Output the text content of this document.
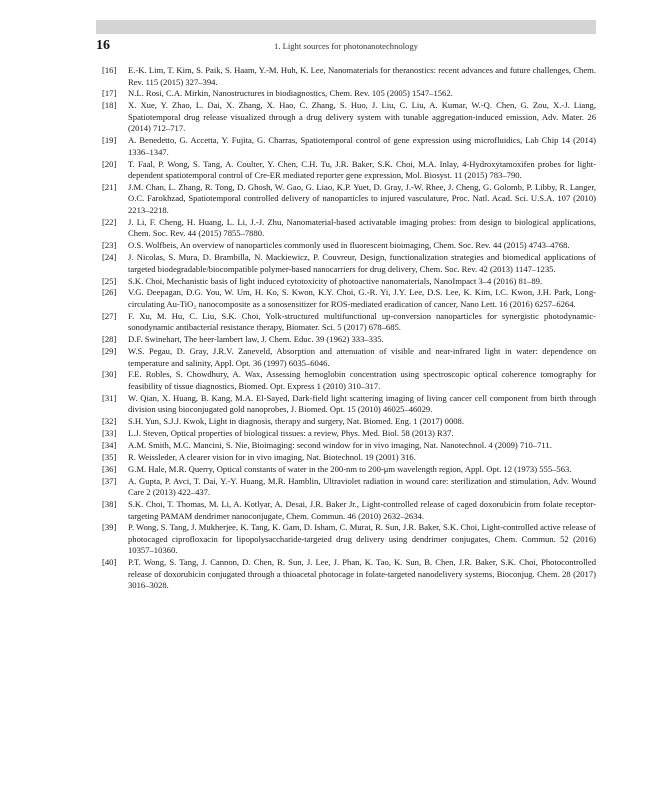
16	1. Light sources for photonanotechnology
[16] E.-K. Lim, T. Kim, S. Paik, S. Haam, Y.-M. Huh, K. Lee, Nanomaterials for theranostics: recent advances and future challenges, Chem. Rev. 115 (2015) 327–394.
[17] N.L. Rosi, C.A. Mirkin, Nanostructures in biodiagnostics, Chem. Rev. 105 (2005) 1547–1562.
[18] X. Xue, Y. Zhao, L. Dai, X. Zhang, X. Hao, C. Zhang, S. Huo, J. Liu, C. Liu, A. Kumar, W.-Q. Chen, G. Zou, X.-J. Liang, Spatiotemporal drug release visualized through a drug delivery system with tunable aggregation-induced emission, Adv. Mater. 26 (2014) 712–717.
[19] A. Benedetto, G. Accetta, Y. Fujita, G. Charras, Spatiotemporal control of gene expression using microfluidics, Lab Chip 14 (2014) 1336–1347.
[20] T. Faal, P. Wong, S. Tang, A. Coulter, Y. Chen, C.H. Tu, J.R. Baker, S.K. Choi, M.A. Inlay, 4-Hydroxytamoxifen probes for light-dependent spatiotemporal control of Cre-ER mediated reporter gene expression, Mol. Biosyst. 11 (2015) 783–790.
[21] J.M. Chan, L. Zhang, R. Tong, D. Ghosh, W. Gao, G. Liao, K.P. Yuet, D. Gray, J.-W. Rhee, J. Cheng, G. Golomb, P. Libby, R. Langer, O.C. Farokhzad, Spatiotemporal controlled delivery of nanoparticles to injured vasculature, Proc. Natl. Acad. Sci. U.S.A. 107 (2010) 2213–2218.
[22] J. Li, F. Cheng, H. Huang, L. Li, J.-J. Zhu, Nanomaterial-based activatable imaging probes: from design to biological applications, Chem. Soc. Rev. 44 (2015) 7855–7880.
[23] O.S. Wolfbeis, An overview of nanoparticles commonly used in fluorescent bioimaging, Chem. Soc. Rev. 44 (2015) 4743–4768.
[24] J. Nicolas, S. Mura, D. Brambilla, N. Mackiewicz, P. Couvreur, Design, functionalization strategies and biomedical applications of targeted biodegradable/biocompatible polymer-based nanocarriers for drug delivery, Chem. Soc. Rev. 42 (2013) 1147–1235.
[25] S.K. Choi, Mechanistic basis of light induced cytotoxicity of photoactive nanomaterials, NanoImpact 3–4 (2016) 81–89.
[26] V.G. Deepagan, D.G. You, W. Um, H. Ko, S. Kwon, K.Y. Choi, G.-R. Yi, J.Y. Lee, D.S. Lee, K. Kim, I.C. Kwon, J.H. Park, Long-circulating Au-TiO₂ nanocomposite as a sonosensitizer for ROS-mediated eradication of cancer, Nano Lett. 16 (2016) 6257–6264.
[27] F. Xu, M. Hu, C. Liu, S.K. Choi, Yolk-structured multifunctional up-conversion nanoparticles for synergistic photodynamic-sonodynamic antibacterial resistance therapy, Biomater. Sci. 5 (2017) 678–685.
[28] D.F. Swinehart, The beer-lambert law, J. Chem. Educ. 39 (1962) 333–335.
[29] W.S. Pegau, D. Gray, J.R.V. Zaneveld, Absorption and attenuation of visible and near-infrared light in water: dependence on temperature and salinity, Appl. Opt. 36 (1997) 6035–6046.
[30] F.E. Robles, S. Chowdhury, A. Wax, Assessing hemoglobin concentration using spectroscopic optical coherence tomography for feasibility of tissue diagnostics, Biomed. Opt. Express 1 (2010) 310–317.
[31] W. Qian, X. Huang, B. Kang, M.A. El-Sayed, Dark-field light scattering imaging of living cancer cell component from birth through division using bioconjugated gold nanoprobes, J. Biomed. Opt. 15 (2010) 46025–46029.
[32] S.H. Yun, S.J.J. Kwok, Light in diagnosis, therapy and surgery, Nat. Biomed. Eng. 1 (2017) 0008.
[33] L.J. Steven, Optical properties of biological tissues: a review, Phys. Med. Biol. 58 (2013) R37.
[34] A.M. Smith, M.C. Mancini, S. Nie, Bioimaging: second window for in vivo imaging, Nat. Nanotechnol. 4 (2009) 710–711.
[35] R. Weissleder, A clearer vision for in vivo imaging, Nat. Biotechnol. 19 (2001) 316.
[36] G.M. Hale, M.R. Querry, Optical constants of water in the 200-nm to 200-μm wavelength region, Appl. Opt. 12 (1973) 555–563.
[37] A. Gupta, P. Avci, T. Dai, Y.-Y. Huang, M.R. Hamblin, Ultraviolet radiation in wound care: sterilization and stimulation, Adv. Wound Care 2 (2013) 422–437.
[38] S.K. Choi, T. Thomas, M. Li, A. Kotlyar, A. Desai, J.R. Baker Jr., Light-controlled release of caged doxorubicin from folate receptor-targeting PAMAM dendrimer nanoconjugate, Chem. Commun. 46 (2010) 2632–2634.
[39] P. Wong, S. Tang, J. Mukherjee, K. Tang, K. Gam, D. Isham, C. Murat, R. Sun, J.R. Baker, S.K. Choi, Light-controlled active release of photocaged ciprofloxacin for lipopolysaccharide-targeted drug delivery using dendrimer conjugates, Chem. Commun. 52 (2016) 10357–10360.
[40] P.T. Wong, S. Tang, J. Cannon, D. Chen, R. Sun, J. Lee, J. Phan, K. Tao, K. Sun, B. Chen, J.R. Baker, S.K. Choi, Photocontrolled release of doxorubicin conjugated through a thioacetal photocage in folate-targeted nanodelivery systems, Bioconjug. Chem. 28 (2017) 3016–3028.
